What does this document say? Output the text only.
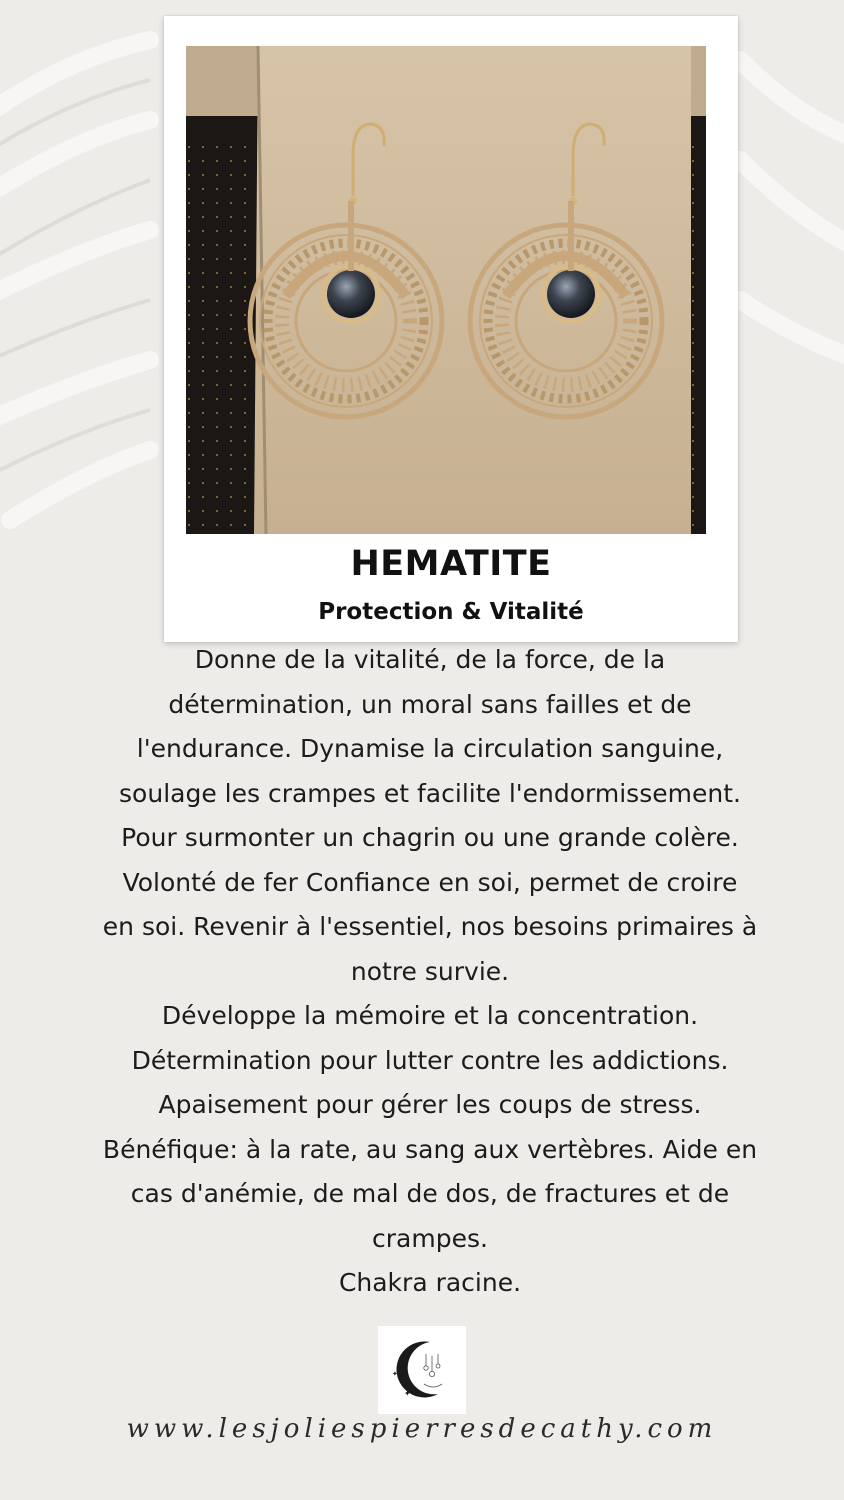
HEMATITE
Protection & Vitalité
Donne de la vitalité, de la force, de la
détermination, un moral sans failles et de
l'endurance. Dynamise la circulation sanguine,
soulage les crampes et facilite l'endormissement.
Pour surmonter un chagrin ou une grande colère.
Volonté de fer Confiance en soi, permet de croire
en soi. Revenir à l'essentiel, nos besoins primaires à
notre survie.
Développe la mémoire et la concentration.
Détermination pour lutter contre les addictions.
Apaisement pour gérer les coups de stress.
Bénéfique: à la rate, au sang aux vertèbres. Aide en
cas d'anémie, de mal de dos, de fractures et de
crampes.
Chakra racine.
✦
✦
✦
www.lesjoliespierresdecathy.com
